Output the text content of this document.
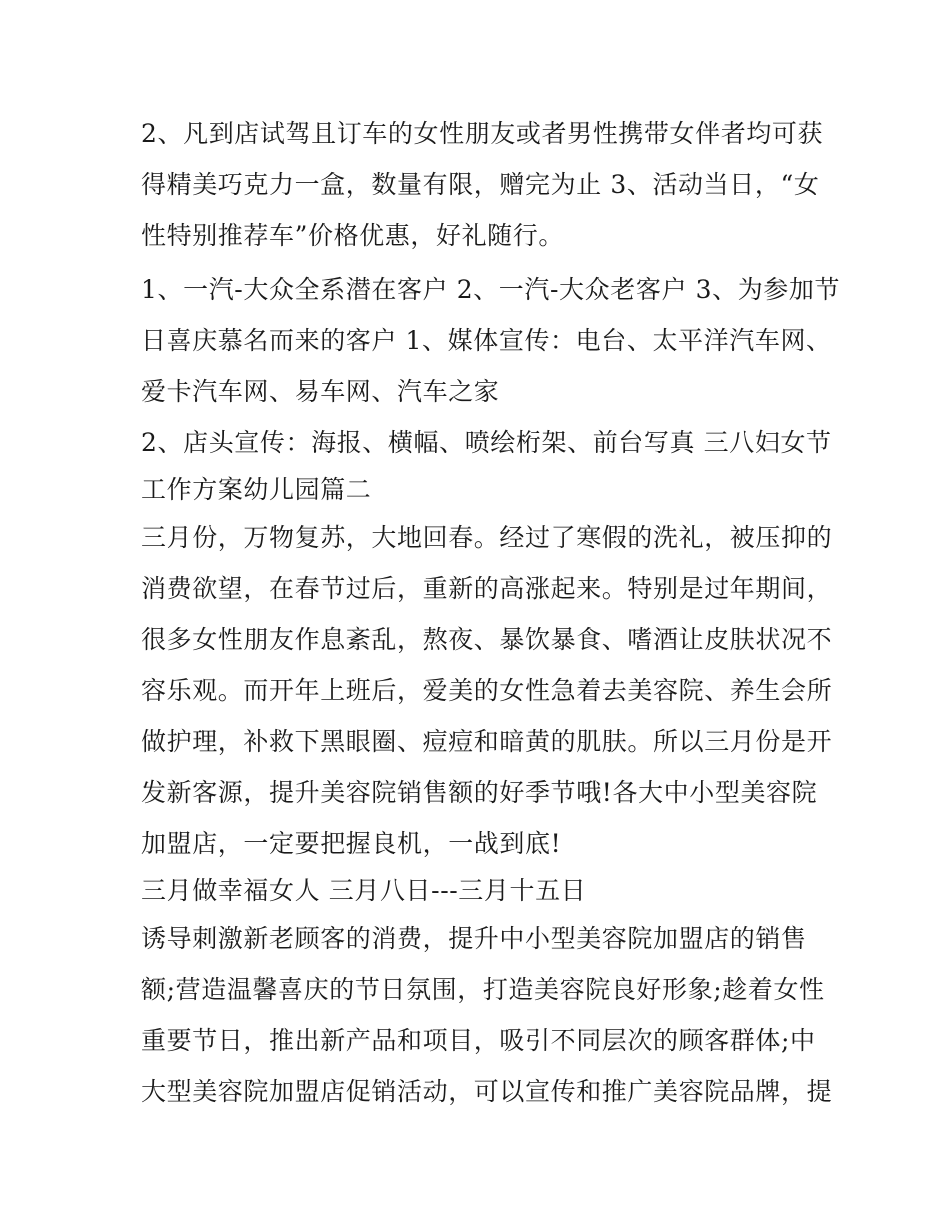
2、凡到店试驾且订车的女性朋友或者男性携带女伴者均可获
得精美巧克力一盒，数量有限，赠完为止 3、活动当日，“女
性特别推荐车”价格优惠，好礼随行。
1、一汽-大众全系潜在客户 2、一汽-大众老客户 3、为参加节
日喜庆慕名而来的客户 1、媒体宣传：电台、太平洋汽车网、
爱卡汽车网、易车网、汽车之家
2、店头宣传：海报、横幅、喷绘桁架、前台写真 三八妇女节
工作方案幼儿园篇二
三月份，万物复苏，大地回春。经过了寒假的洗礼，被压抑的
消费欲望，在春节过后，重新的高涨起来。特别是过年期间，
很多女性朋友作息紊乱，熬夜、暴饮暴食、嗜酒让皮肤状况不
容乐观。而开年上班后，爱美的女性急着去美容院、养生会所
做护理，补救下黑眼圈、痘痘和暗黄的肌肤。所以三月份是开
发新客源，提升美容院销售额的好季节哦!各大中小型美容院
加盟店，一定要把握良机，一战到底!
三月做幸福女人 三月八日---三月十五日
诱导刺激新老顾客的消费，提升中小型美容院加盟店的销售
额;营造温馨喜庆的节日氛围，打造美容院良好形象;趁着女性
重要节日，推出新产品和项目，吸引不同层次的顾客群体;中
大型美容院加盟店促销活动，可以宣传和推广美容院品牌，提
